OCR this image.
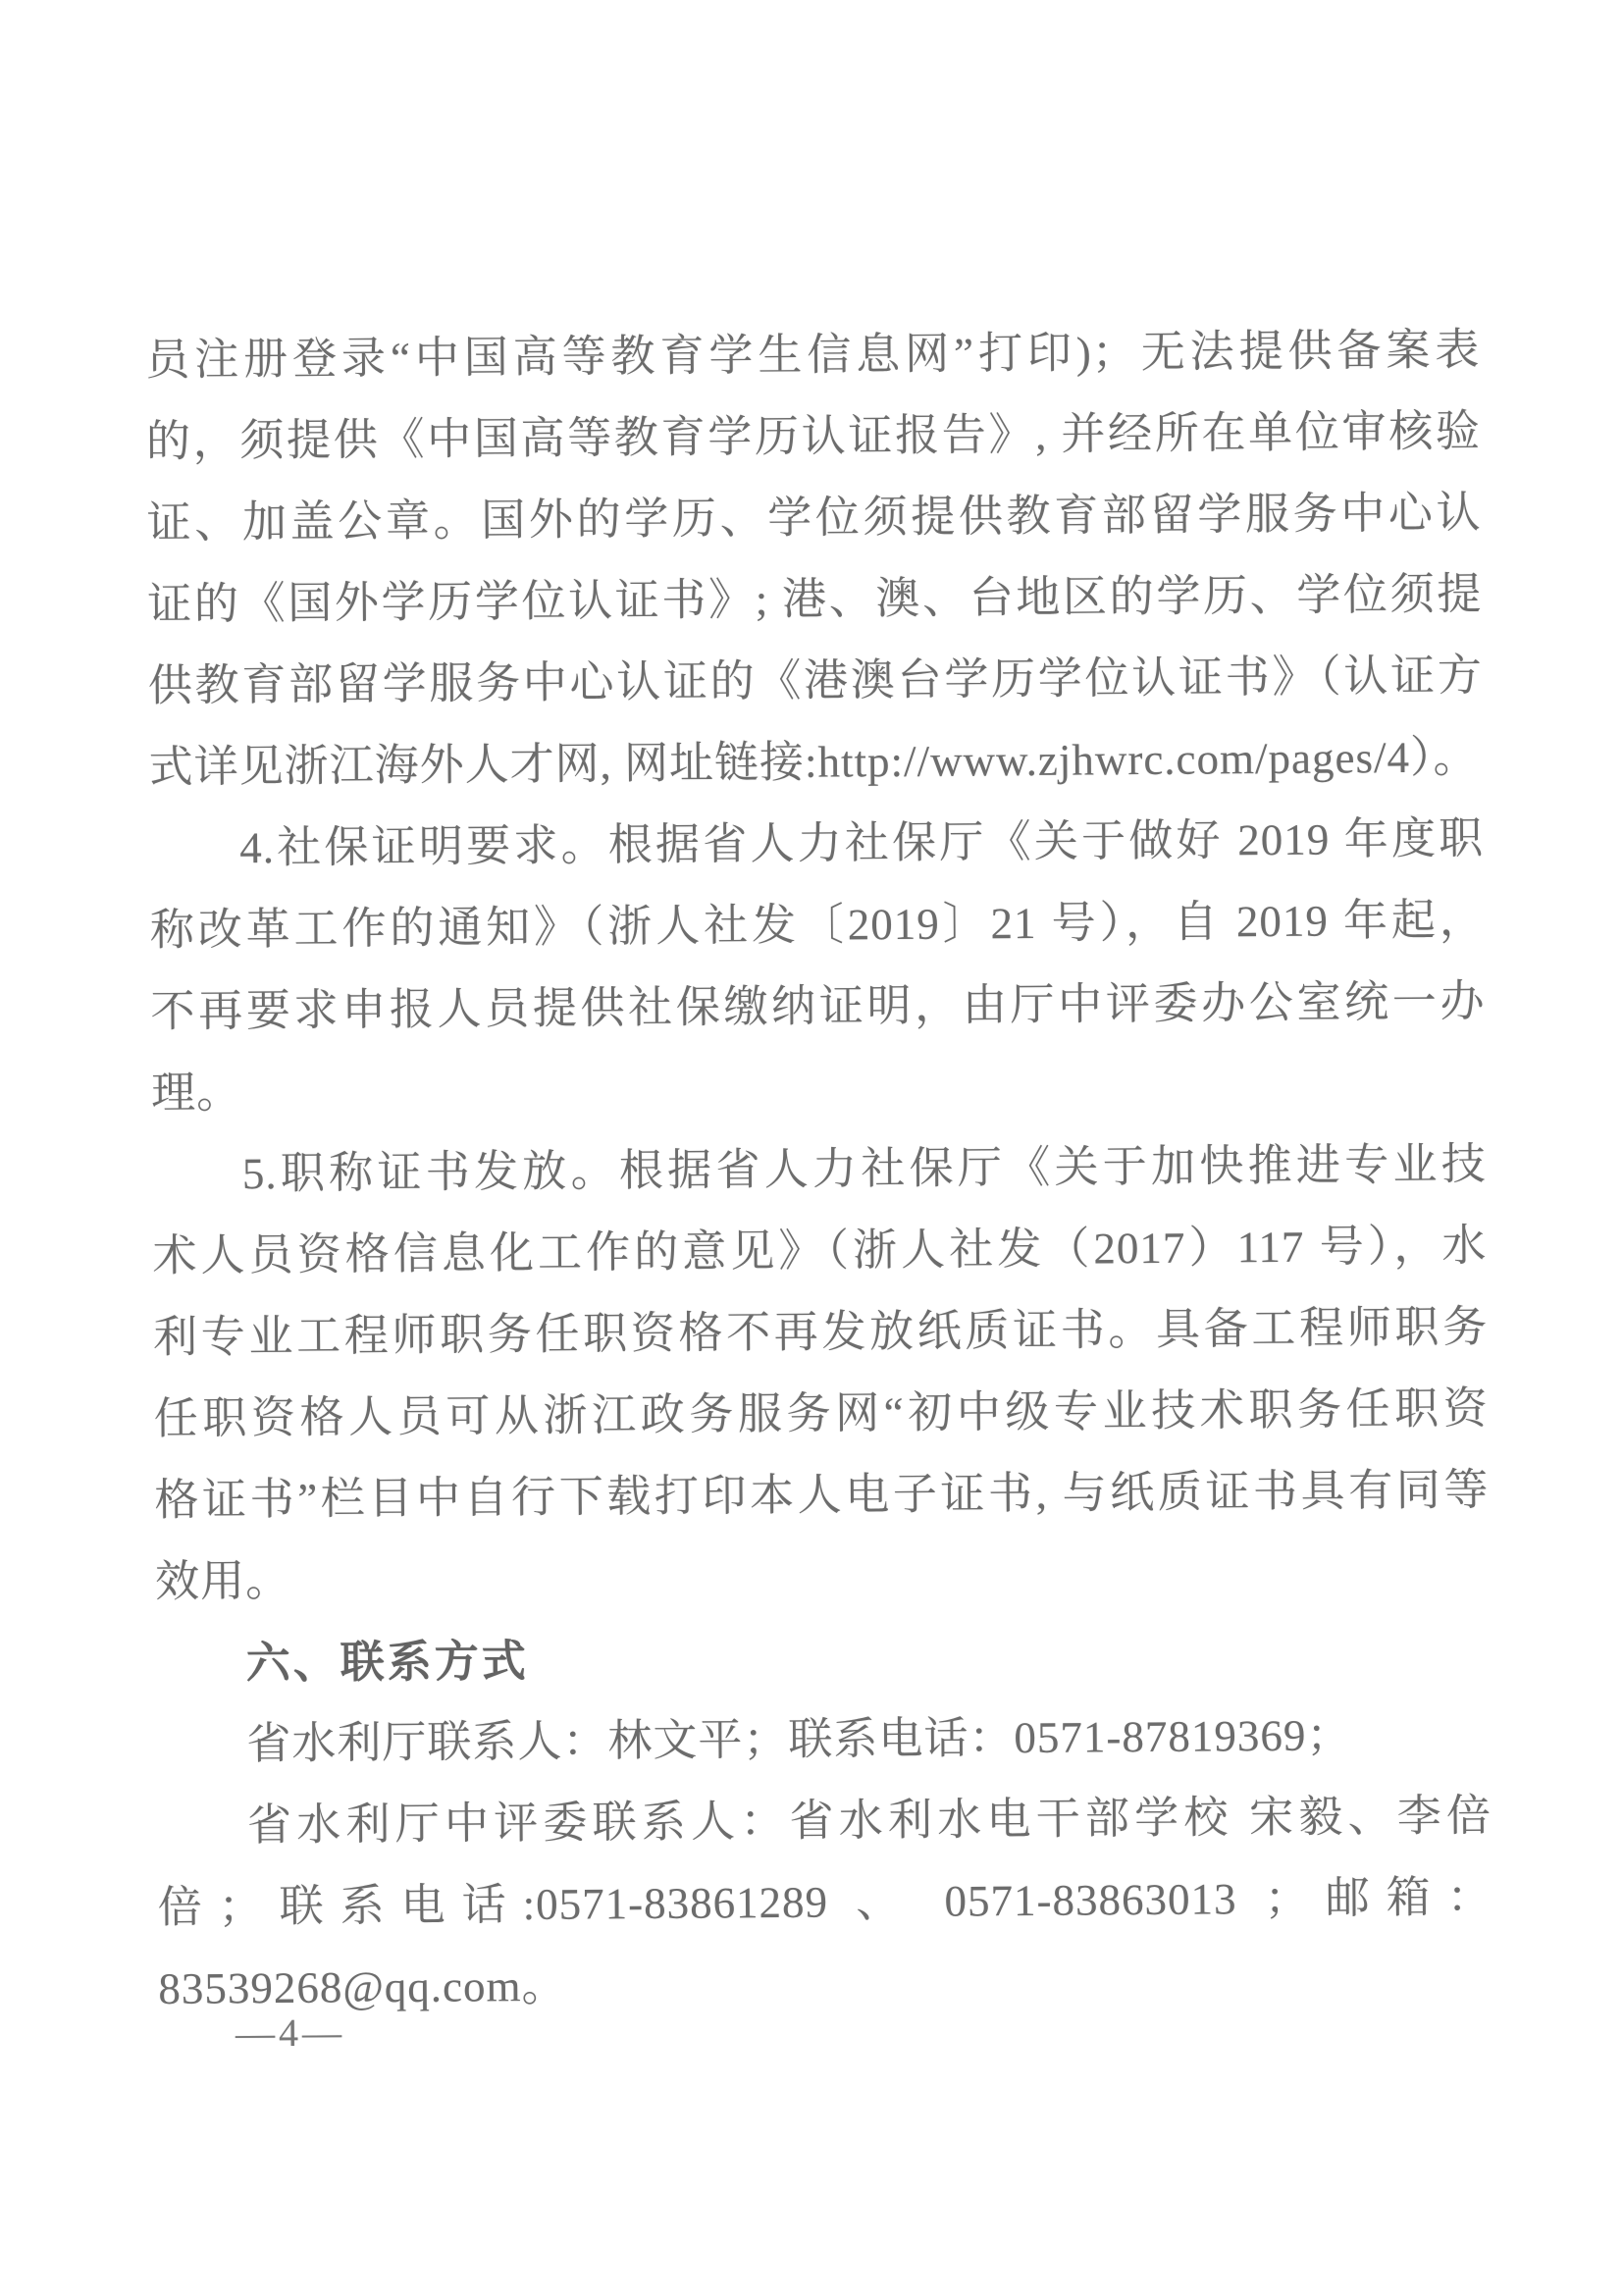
员注册登录“中国高等教育学生信息网”打印)；无法提供备案表
的，须提供《中国高等教育学历认证报告》, 并经所在单位审核验
证、加盖公章。国外的学历、学位须提供教育部留学服务中心认
证的《国外学历学位认证书》; 港、澳、台地区的学历、学位须提
供教育部留学服务中心认证的《港澳台学历学位认证书》（认证方
式详见浙江海外人才网, 网址链接:http://www.zjhwrc.com/pages/4）。
4.社保证明要求。根据省人力社保厅《关于做好 2019 年度职
称改革工作的通知》（浙人社发〔2019〕21 号），自 2019 年起，
不再要求申报人员提供社保缴纳证明，由厅中评委办公室统一办
理。
5.职称证书发放。根据省人力社保厅《关于加快推进专业技
术人员资格信息化工作的意见》（浙人社发（2017）117 号），水
利专业工程师职务任职资格不再发放纸质证书。具备工程师职务
任职资格人员可从浙江政务服务网“初中级专业技术职务任职资
格证书”栏目中自行下载打印本人电子证书, 与纸质证书具有同等
效用。
六、联系方式
省水利厅联系人：林文平；联系电话：0571-87819369；
省水利厅中评委联系人：省水利水电干部学校 宋毅、李倍
倍；联系电话:0571-83861289 、 0571-83863013 ；邮箱：
83539268@qq.com。
—4—
